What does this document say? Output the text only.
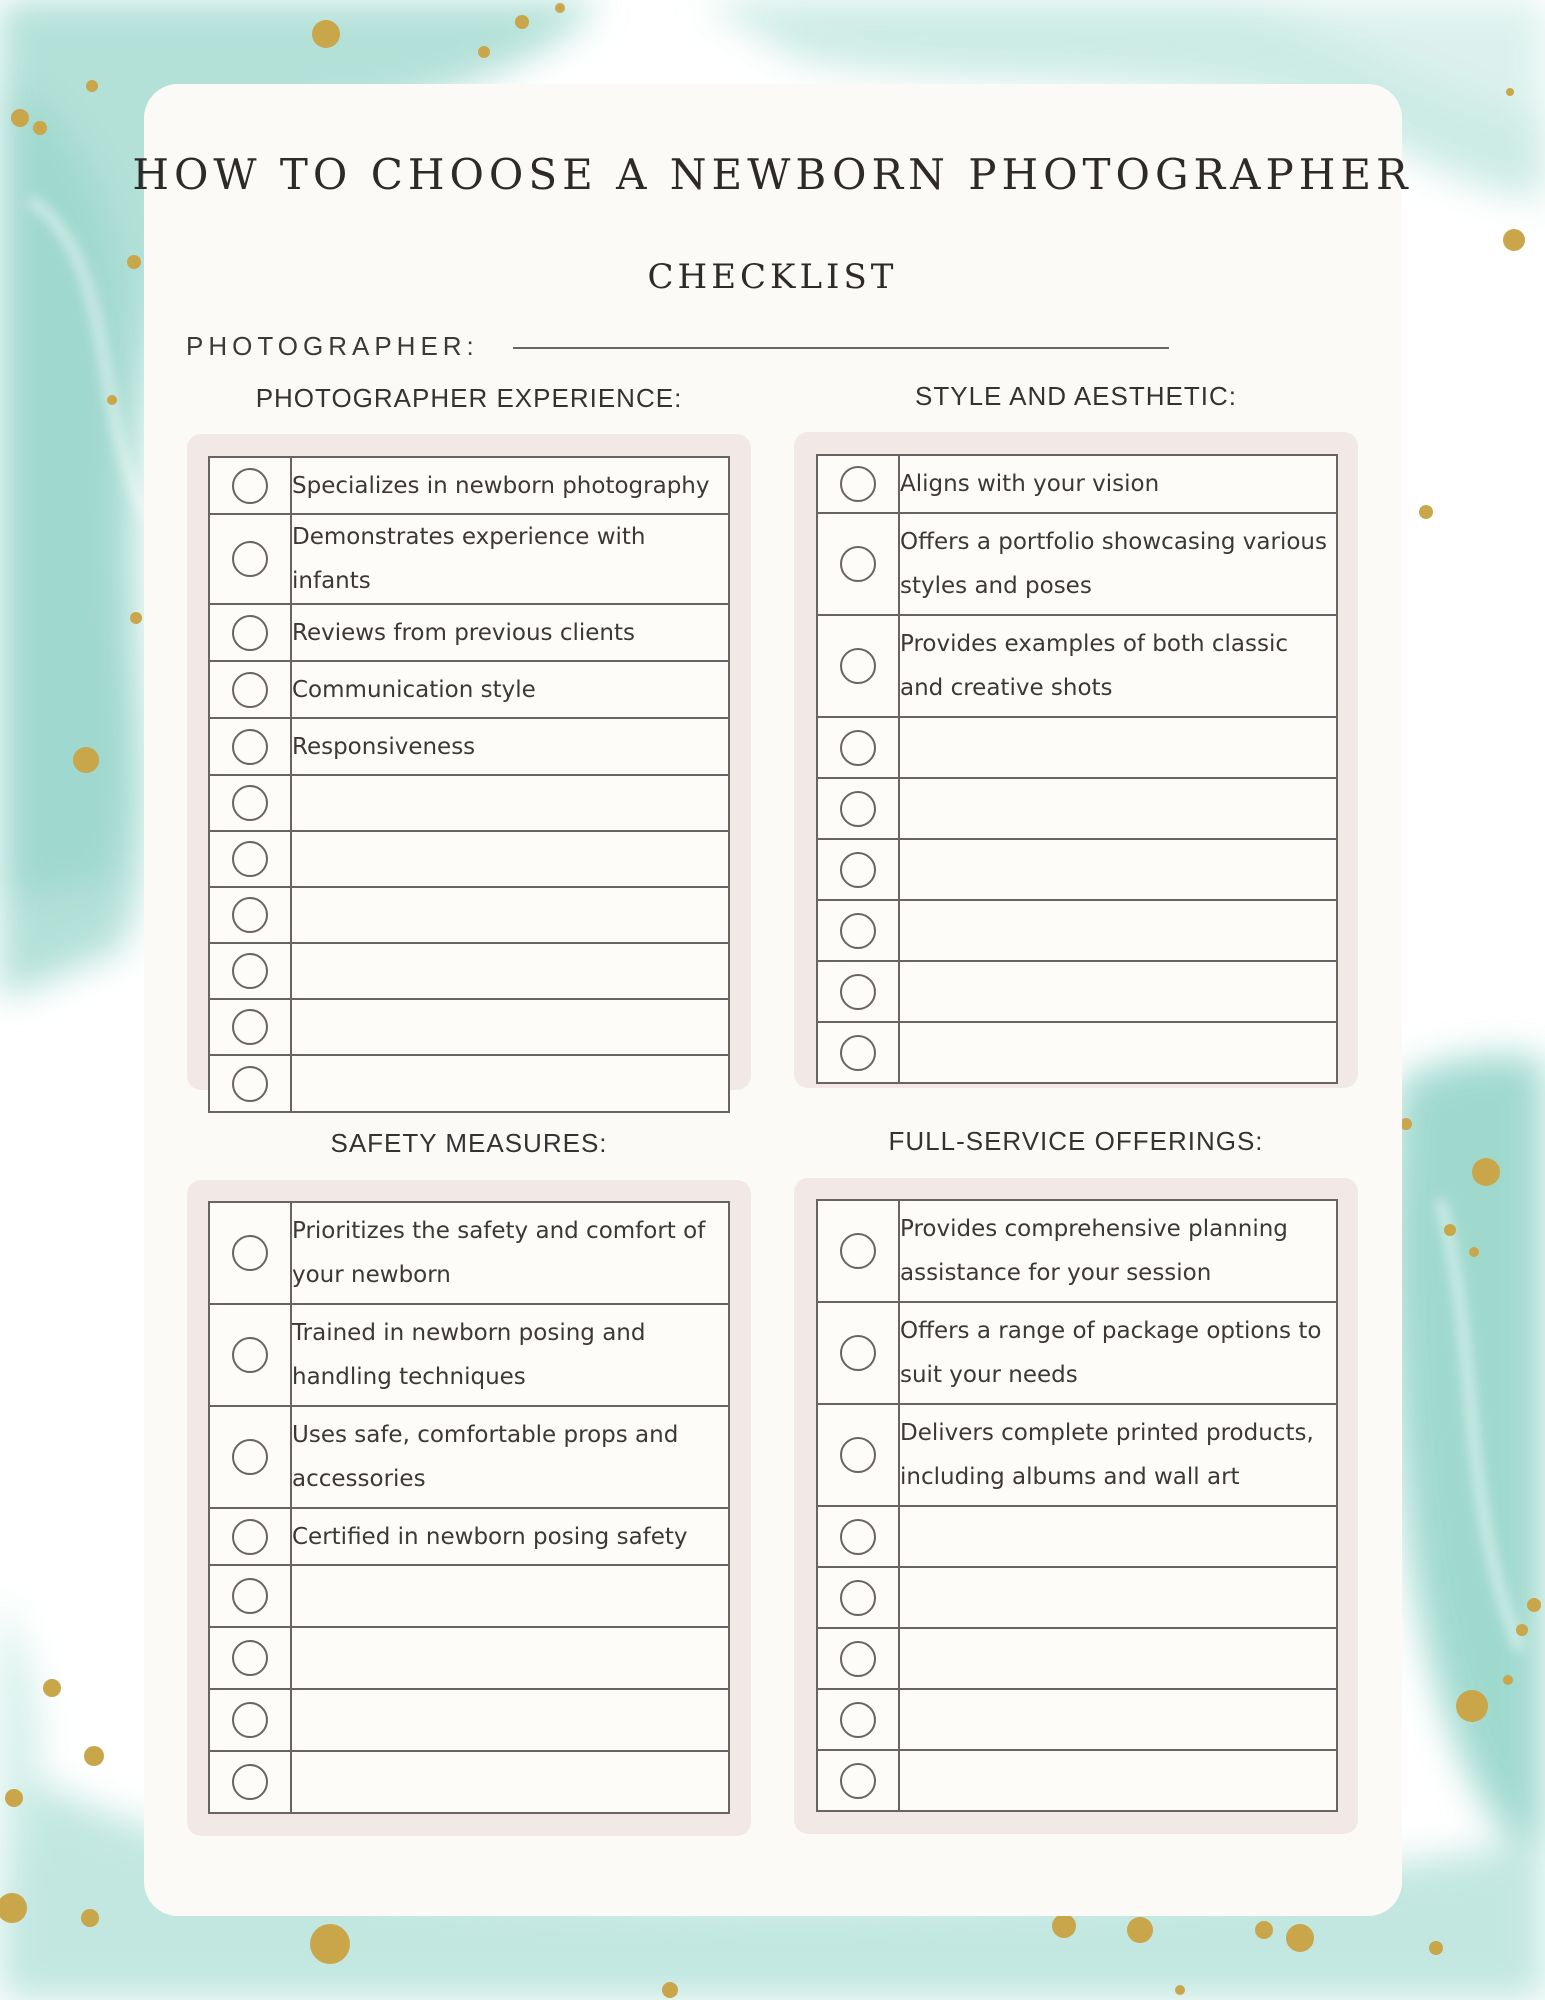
HOW TO CHOOSE A NEWBORN PHOTOGRAPHER
CHECKLIST
PHOTOGRAPHER:
PHOTOGRAPHER EXPERIENCE:
	Specializes in newborn photography
	Demonstrates experience with infants
	Reviews from previous clients
	Communication style
	Responsiveness

STYLE AND AESTHETIC:
	Aligns with your vision
	Offers a portfolio showcasing various styles and poses
	Provides examples of both classic and creative shots

SAFETY MEASURES:
	Prioritizes the safety and comfort of your newborn
	Trained in newborn posing and handling techniques
	Uses safe, comfortable props and accessories
	Certified in newborn posing safety

FULL-SERVICE OFFERINGS:
	Provides comprehensive planning assistance for your session
	Offers a range of package options to suit your needs
	Delivers complete printed products, including albums and wall art
